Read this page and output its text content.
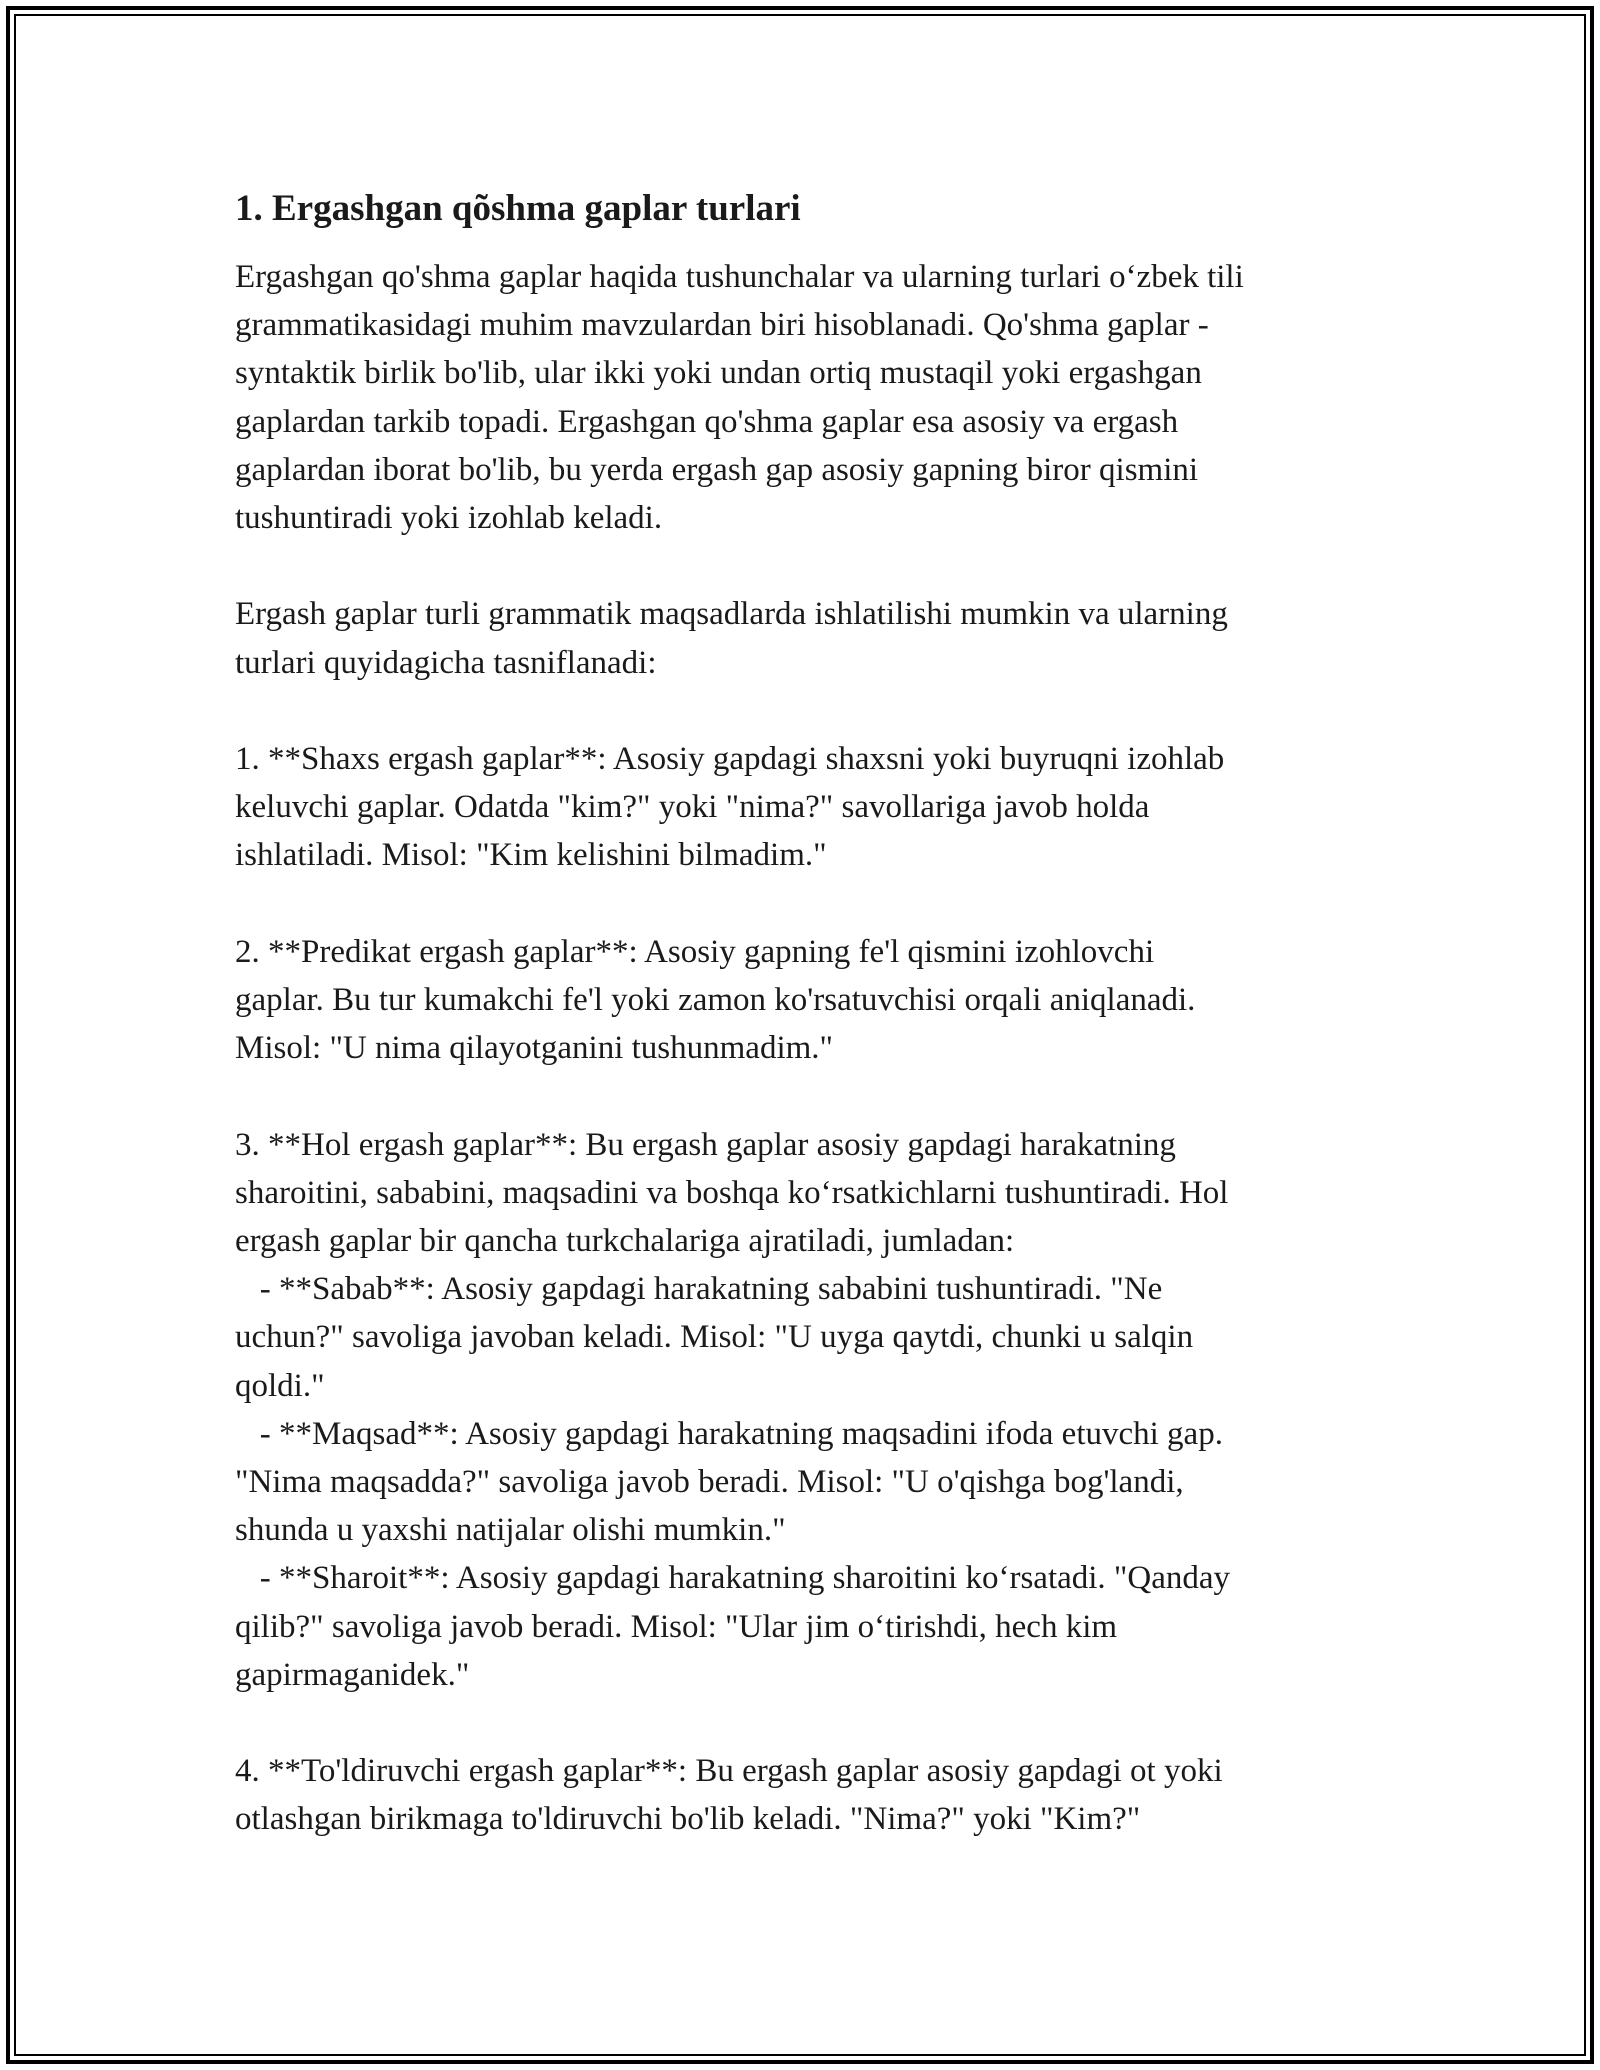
1. Ergashgan qõshma gaplar turlari

Ergashgan qo'shma gaplar haqida tushunchalar va ularning turlari o‘zbek tili
grammatikasidagi muhim mavzulardan biri hisoblanadi. Qo'shma gaplar -
syntaktik birlik bo'lib, ular ikki yoki undan ortiq mustaqil yoki ergashgan
gaplardan tarkib topadi. Ergashgan qo'shma gaplar esa asosiy va ergash
gaplardan iborat bo'lib, bu yerda ergash gap asosiy gapning biror qismini
tushuntiradi yoki izohlab keladi.

Ergash gaplar turli grammatik maqsadlarda ishlatilishi mumkin va ularning
turlari quyidagicha tasniflanadi:

1. **Shaxs ergash gaplar**: Asosiy gapdagi shaxsni yoki buyruqni izohlab
keluvchi gaplar. Odatda "kim?" yoki "nima?" savollariga javob holda
ishlatiladi. Misol: "Kim kelishini bilmadim."

2. **Predikat ergash gaplar**: Asosiy gapning fe'l qismini izohlovchi
gaplar. Bu tur kumakchi fe'l yoki zamon ko'rsatuvchisi orqali aniqlanadi.
Misol: "U nima qilayotganini tushunmadim."

3. **Hol ergash gaplar**: Bu ergash gaplar asosiy gapdagi harakatning
sharoitini, sababini, maqsadini va boshqa ko‘rsatkichlarni tushuntiradi. Hol
ergash gaplar bir qancha turkchalariga ajratiladi, jumladan:
- **Sabab**: Asosiy gapdagi harakatning sababini tushuntiradi. "Ne
uchun?" savoliga javoban keladi. Misol: "U uyga qaytdi, chunki u salqin
qoldi."
- **Maqsad**: Asosiy gapdagi harakatning maqsadini ifoda etuvchi gap.
"Nima maqsadda?" savoliga javob beradi. Misol: "U o'qishga bog'landi,
shunda u yaxshi natijalar olishi mumkin."
- **Sharoit**: Asosiy gapdagi harakatning sharoitini ko‘rsatadi. "Qanday
qilib?" savoliga javob beradi. Misol: "Ular jim o‘tirishdi, hech kim
gapirmaganidek."

4. **To'ldiruvchi ergash gaplar**: Bu ergash gaplar asosiy gapdagi ot yoki
otlashgan birikmaga to'ldiruvchi bo'lib keladi. "Nima?" yoki "Kim?"
